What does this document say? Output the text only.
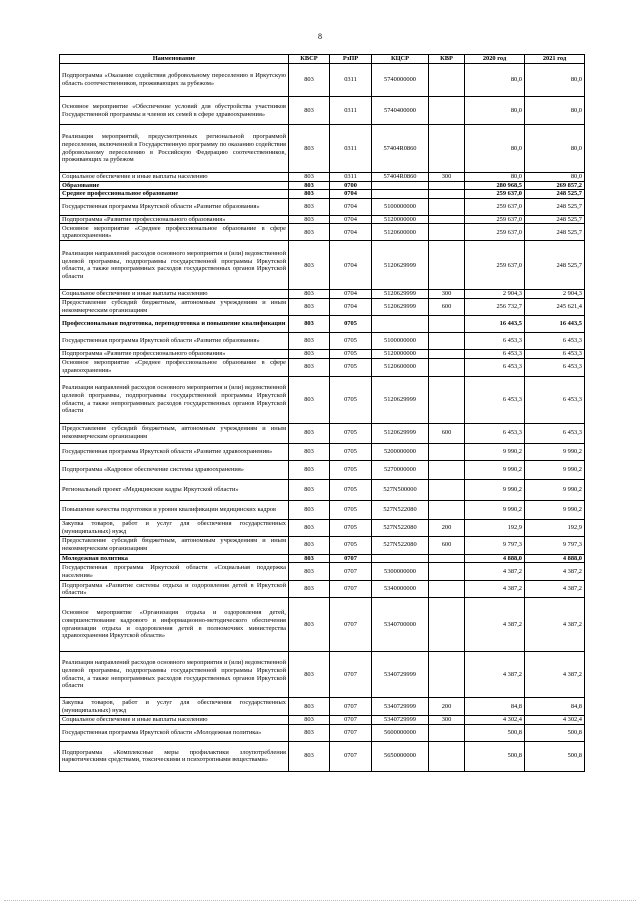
8
Наименование	КВСР	РзПР	КЦСР	КВР	2020 год	2021 год
Подпрограмма «Оказание содействия добровольному переселению в Иркутскую область соотечественников, проживающих за рубежом»	803	0311	5740000000		80,0	80,0
Основное мероприятие «Обеспечение условий для обустройства участников Государственной программы и членов их семей в сфере здравоохранения»	803	0311	5740400000		80,0	80,0
Реализация мероприятий, предусмотренных региональной программой переселения, включенной в Государственную программу по оказанию содействия добровольному переселению в Российскую Федерацию соотечественников, проживающих за рубежом	803	0311	57404R0860		80,0	80,0
Социальное обеспечение и иные выплаты населению	803	0311	57404R0860	300	80,0	80,0
Образование	803	0700			280 968,5	269 857,2
Среднее профессиональное образование	803	0704			259 637,0	248 525,7
Государственная программа Иркутской области «Развитие образования»	803	0704	5100000000		259 637,0	248 525,7
Подпрограмма «Развитие профессионального образования»	803	0704	5120000000		259 637,0	248 525,7
Основное мероприятие «Среднее профессиональное образование в сфере здравоохранения»	803	0704	5120600000		259 637,0	248 525,7
Реализация направлений расходов основного мероприятия и (или) ведомственной целевой программы, подпрограммы государственной программы Иркутской области, а также непрограммных расходов государственных органов Иркутской области	803	0704	5120629999		259 637,0	248 525,7
Социальное обеспечение и иные выплаты населению	803	0704	5120629999	300	2 904,3	2 904,3
Предоставление субсидий бюджетным, автономным учреждениям и иным некоммерческим организациям	803	0704	5120629999	600	256 732,7	245 621,4
Профессиональная подготовка, переподготовка и повышение квалификации	803	0705			16 443,5	16 443,5
Государственная программа Иркутской области «Развитие образования»	803	0705	5100000000		6 453,3	6 453,3
Подпрограмма «Развитие профессионального образования»	803	0705	5120000000		6 453,3	6 453,3
Основное мероприятие «Среднее профессиональное образование в сфере здравоохранения»	803	0705	5120600000		6 453,3	6 453,3
Реализация направлений расходов основного мероприятия и (или) ведомственной целевой программы, подпрограммы государственной программы Иркутской области, а также непрограммных расходов государственных органов Иркутской области	803	0705	5120629999		6 453,3	6 453,3
Предоставление субсидий бюджетным, автономным учреждениям и иным некоммерческим организациям	803	0705	5120629999	600	6 453,3	6 453,3
Государственная программа Иркутской области «Развитие здравоохранения»	803	0705	5200000000		9 990,2	9 990,2
Подпрограмма «Кадровое обеспечение системы здравоохранения»	803	0705	5270000000		9 990,2	9 990,2
Региональный проект «Медицинские кадры Иркутской области»	803	0705	527N500000		9 990,2	9 990,2
Повышение качества подготовки и уровня квалификации медицинских кадров	803	0705	527N522080		9 990,2	9 990,2
Закупка товаров, работ и услуг для обеспечения государственных (муниципальных) нужд	803	0705	527N522080	200	192,9	192,9
Предоставление субсидий бюджетным, автономным учреждениям и иным некоммерческим организациям	803	0705	527N522080	600	9 797,3	9 797,3
Молодежная политика	803	0707			4 888,0	4 888,0
Государственная программа Иркутской области «Социальная поддержка населения»	803	0707	5300000000		4 387,2	4 387,2
Подпрограмма «Развитие системы отдыха и оздоровления детей в Иркутской области»	803	0707	5340000000		4 387,2	4 387,2
Основное мероприятие «Организация отдыха и оздоровления детей, совершенствование кадрового и информационно-методического обеспечения организации отдыха и оздоровления детей в полномочиях министерства здравоохранения Иркутской области»	803	0707	5340700000		4 387,2	4 387,2
Реализация направлений расходов основного мероприятия и (или) ведомственной целевой программы, подпрограммы государственной программы Иркутской области, а также непрограммных расходов государственных органов Иркутской области	803	0707	5340729999		4 387,2	4 387,2
Закупка товаров, работ и услуг для обеспечения государственных (муниципальных) нужд	803	0707	5340729999	200	84,8	84,8
Социальное обеспечение и иные выплаты населению	803	0707	5340729999	300	4 302,4	4 302,4
Государственная программа Иркутской области «Молодежная политика»	803	0707	5600000000		500,8	500,8
Подпрограмма «Комплексные меры профилактики злоупотребления наркотическими средствами, токсическими и психотропными веществами»	803	0707	5650000000		500,8	500,8
